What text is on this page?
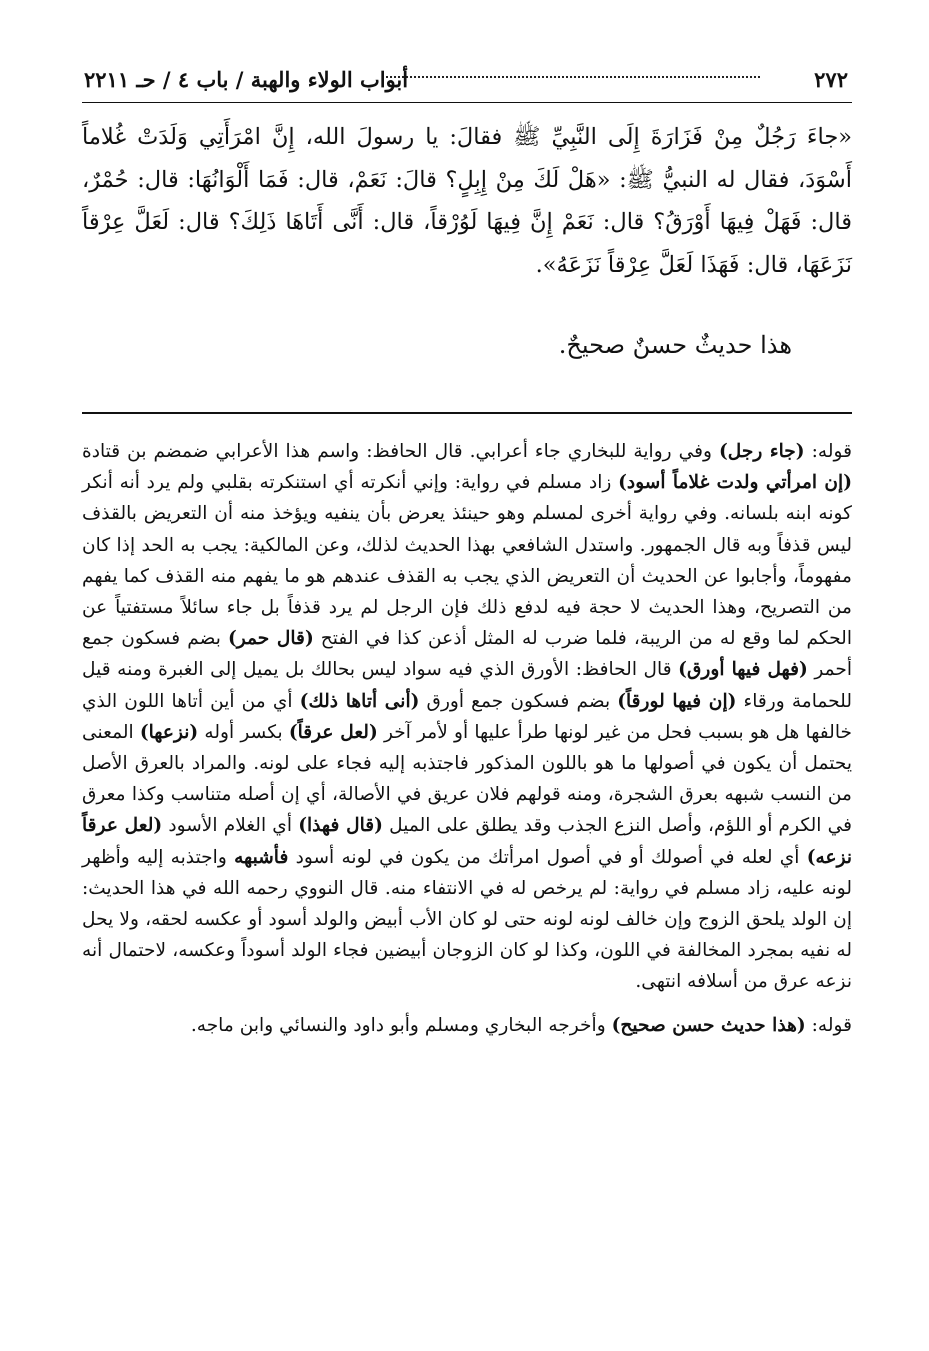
٢٧٢
أبواب الولاء والهبة / باب ٤ / حـ ٢٢١١

«جاءَ رَجُلٌ مِنْ فَزَارَةَ إِلَى النَّبِيِّ ﷺ فقالَ: يا رسولَ الله، إِنَّ امْرَأَتِي وَلَدَتْ غُلاماً أَسْوَدَ، فقال له النبيُّ ﷺ: «هَلْ لَكَ مِنْ إِبِلٍ؟ قالَ: نَعَمْ، قال: فَمَا أَلْوَانُهَا: قال: حُمْرٌ، قال: فَهَلْ فِيهَا أَوْرَقُ؟ قال: نَعَمْ إِنَّ فِيهَا لَوُرْقاً، قال: أَنَّى أَتَاهَا ذَلِكَ؟ قال: لَعَلَّ عِرْقاً نَزَعَهَا، قال: فَهَذَا لَعَلَّ عِرْقاً نَزَعَهُ».

هذا حديثٌ حسنٌ صحيحٌ.

قوله: (جاء رجل) وفي رواية للبخاري جاء أعرابي. قال الحافظ: واسم هذا الأعرابي ضمضم بن قتادة (إن امرأتي ولدت غلاماً أسود) زاد مسلم في رواية: وإني أنكرته أي استنكرته بقلبي ولم يرد أنه أنكر كونه ابنه بلسانه. وفي رواية أخرى لمسلم وهو حينئذ يعرض بأن ينفيه ويؤخذ منه أن التعريض بالقذف ليس قذفاً وبه قال الجمهور. واستدل الشافعي بهذا الحديث لذلك، وعن المالكية: يجب به الحد إذا كان مفهوماً، وأجابوا عن الحديث أن التعريض الذي يجب به القذف عندهم هو ما يفهم منه القذف كما يفهم من التصريح، وهذا الحديث لا حجة فيه لدفع ذلك فإن الرجل لم يرد قذفاً بل جاء سائلاً مستفتياً عن الحكم لما وقع له من الريبة، فلما ضرب له المثل أذعن كذا في الفتح (قال حمر) بضم فسكون جمع أحمر (فهل فيها أورق) قال الحافظ: الأورق الذي فيه سواد ليس بحالك بل يميل إلى الغبرة ومنه قيل للحمامة ورقاء (إن فيها لورقاً) بضم فسكون جمع أورق (أنى أتاها ذلك) أي من أين أتاها اللون الذي خالفها هل هو بسبب فحل من غير لونها طرأ عليها أو لأمر آخر (لعل عرقاً) بكسر أوله (نزعها) المعنى يحتمل أن يكون في أصولها ما هو باللون المذكور فاجتذبه إليه فجاء على لونه. والمراد بالعرق الأصل من النسب شبهه بعرق الشجرة، ومنه قولهم فلان عريق في الأصالة، أي إن أصله متناسب وكذا معرق في الكرم أو اللؤم، وأصل النزع الجذب وقد يطلق على الميل (قال فهذا) أي الغلام الأسود (لعل عرقاً نزعه) أي لعله في أصولك أو في أصول امرأتك من يكون في لونه أسود فأشبهه واجتذبه إليه وأظهر لونه عليه، زاد مسلم في رواية: لم يرخص له في الانتفاء منه. قال النووي رحمه الله في هذا الحديث: إن الولد يلحق الزوج وإن خالف لونه لونه حتى لو كان الأب أبيض والولد أسود أو عكسه لحقه، ولا يحل له نفيه بمجرد المخالفة في اللون، وكذا لو كان الزوجان أبيضين فجاء الولد أسوداً وعكسه، لاحتمال أنه نزعه عرق من أسلافه انتهى.

قوله: (هذا حديث حسن صحيح) وأخرجه البخاري ومسلم وأبو داود والنسائي وابن ماجه.
